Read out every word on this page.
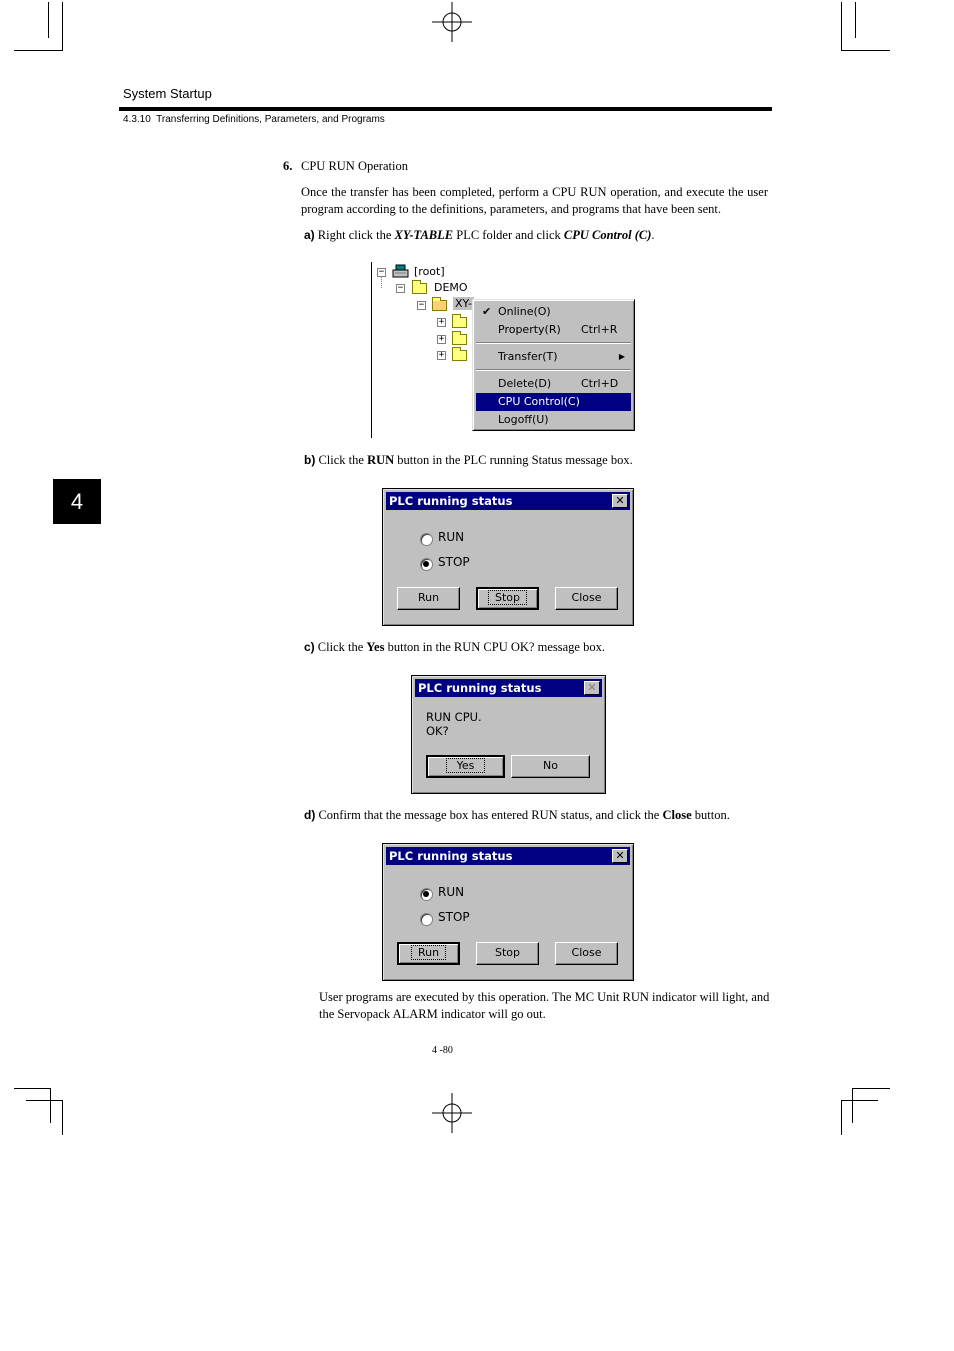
System Startup
4.3.10  Transferring Definitions, Parameters, and Programs
4
6. CPU RUN Operation
Once the transfer has been completed, perform a CPU RUN operation, and execute the user program according to the definitions, parameters, and programs that have been sent.
a) Right click the XY-TABLE PLC folder and click CPU Control (C).
−	[root]
−	DEMO
−	XY-
+
+
+
✔ Online(O)
Property(R) Ctrl+R
Transfer(T)	▶
Delete(D)	Ctrl+D
CPU Control(C)
Logoff(U)
b) Click the RUN button in the PLC running Status message box.
PLC running status	✕
RUN
STOP
Run	Stop	Close
c) Click the Yes button in the RUN CPU OK? message box.
PLC running status	✕
RUN CPU.
OK?
Yes	No
d) Confirm that the message box has entered RUN status, and click the Close button.
PLC running status	✕
RUN
STOP
Run	Stop	Close
User programs are executed by this operation. The MC Unit RUN indicator will light, and the Servopack ALARM indicator will go out.
4 -80
